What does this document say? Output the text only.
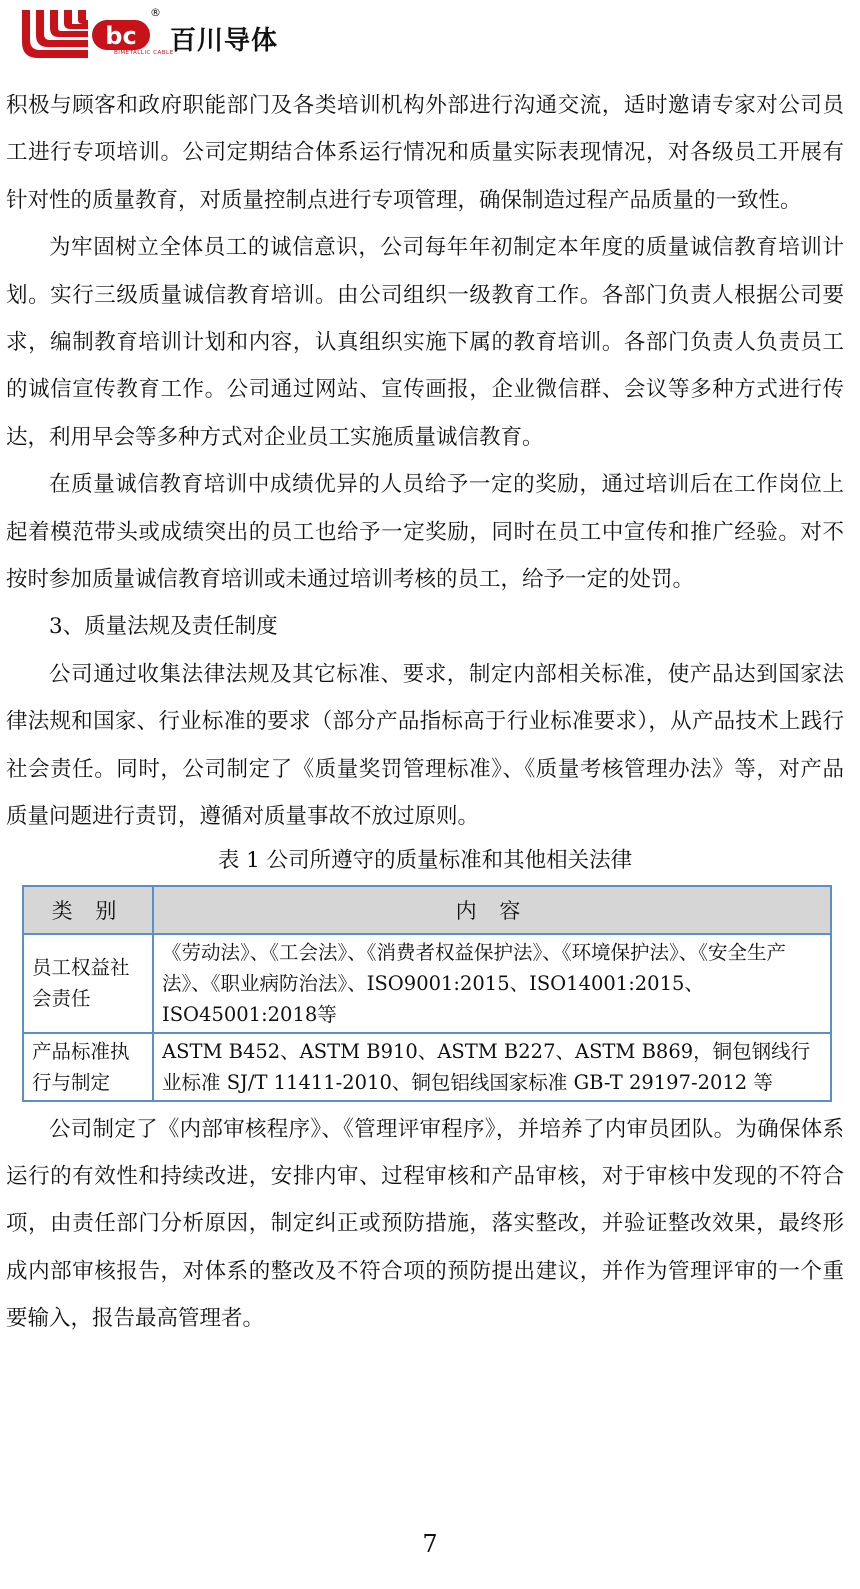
bc
®
百川导体
BIMETALLIC CABLE

积极与顾客和政府职能部门及各类培训机构外部进行沟通交流，适时邀请专家对公司员工进行专项培训。公司定期结合体系运行情况和质量实际表现情况，对各级员工开展有针对性的质量教育，对质量控制点进行专项管理，确保制造过程产品质量的一致性。

为牢固树立全体员工的诚信意识，公司每年年初制定本年度的质量诚信教育培训计划。实行三级质量诚信教育培训。由公司组织一级教育工作。各部门负责人根据公司要求，编制教育培训计划和内容，认真组织实施下属的教育培训。各部门负责人负责员工的诚信宣传教育工作。公司通过网站、宣传画报，企业微信群、会议等多种方式进行传达，利用早会等多种方式对企业员工实施质量诚信教育。

在质量诚信教育培训中成绩优异的人员给予一定的奖励，通过培训后在工作岗位上起着模范带头或成绩突出的员工也给予一定奖励，同时在员工中宣传和推广经验。对不按时参加质量诚信教育培训或未通过培训考核的员工，给予一定的处罚。

3、质量法规及责任制度

公司通过收集法律法规及其它标准、要求，制定内部相关标准，使产品达到国家法律法规和国家、行业标准的要求（部分产品指标高于行业标准要求），从产品技术上践行社会责任。同时，公司制定了《质量奖罚管理标准》、《质量考核管理办法》等，对产品质量问题进行责罚，遵循对质量事故不放过原则。

表 1 公司所遵守的质量标准和其他相关法律
类 别	内 容
员工权益社会责任	《劳动法》、《工会法》、《消费者权益保护法》、《环境保护法》、《安全生产法》、《职业病防治法》、ISO9001:2015、ISO14001:2015、ISO45001:2018等
产品标准执行与制定	ASTM B452、ASTM B910、ASTM B227、ASTM B869，铜包钢线行业标准 SJ/T 11411-2010、铜包铝线国家标准 GB-T 29197-2012 等

公司制定了《内部审核程序》、《管理评审程序》，并培养了内审员团队。为确保体系运行的有效性和持续改进，安排内审、过程审核和产品审核，对于审核中发现的不符合项，由责任部门分析原因，制定纠正或预防措施，落实整改，并验证整改效果，最终形成内部审核报告，对体系的整改及不符合项的预防提出建议，并作为管理评审的一个重要输入，报告最高管理者。

7
